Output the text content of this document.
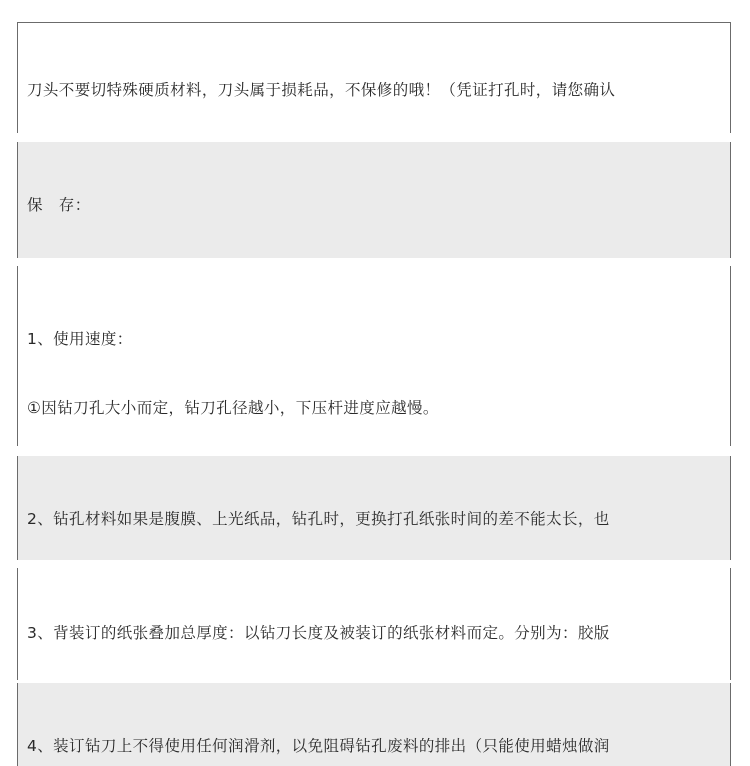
刀头不要切特殊硬质材料，刀头属于损耗品，不保修的哦！（凭证打孔时，请您确认

保　存：

1、使用速度：

①因钻刀孔大小而定，钻刀孔径越小，下压杆进度应越慢。

2、钻孔材料如果是腹膜、上光纸品，钻孔时，更换打孔纸张时间的差不能太长，也

3、背装订的纸张叠加总厚度：以钻刀长度及被装订的纸张材料而定。分别为：胶版

4、装订钻刀上不得使用任何润滑剂，以免阻碍钻孔废料的排出（只能使用蜡烛做润
